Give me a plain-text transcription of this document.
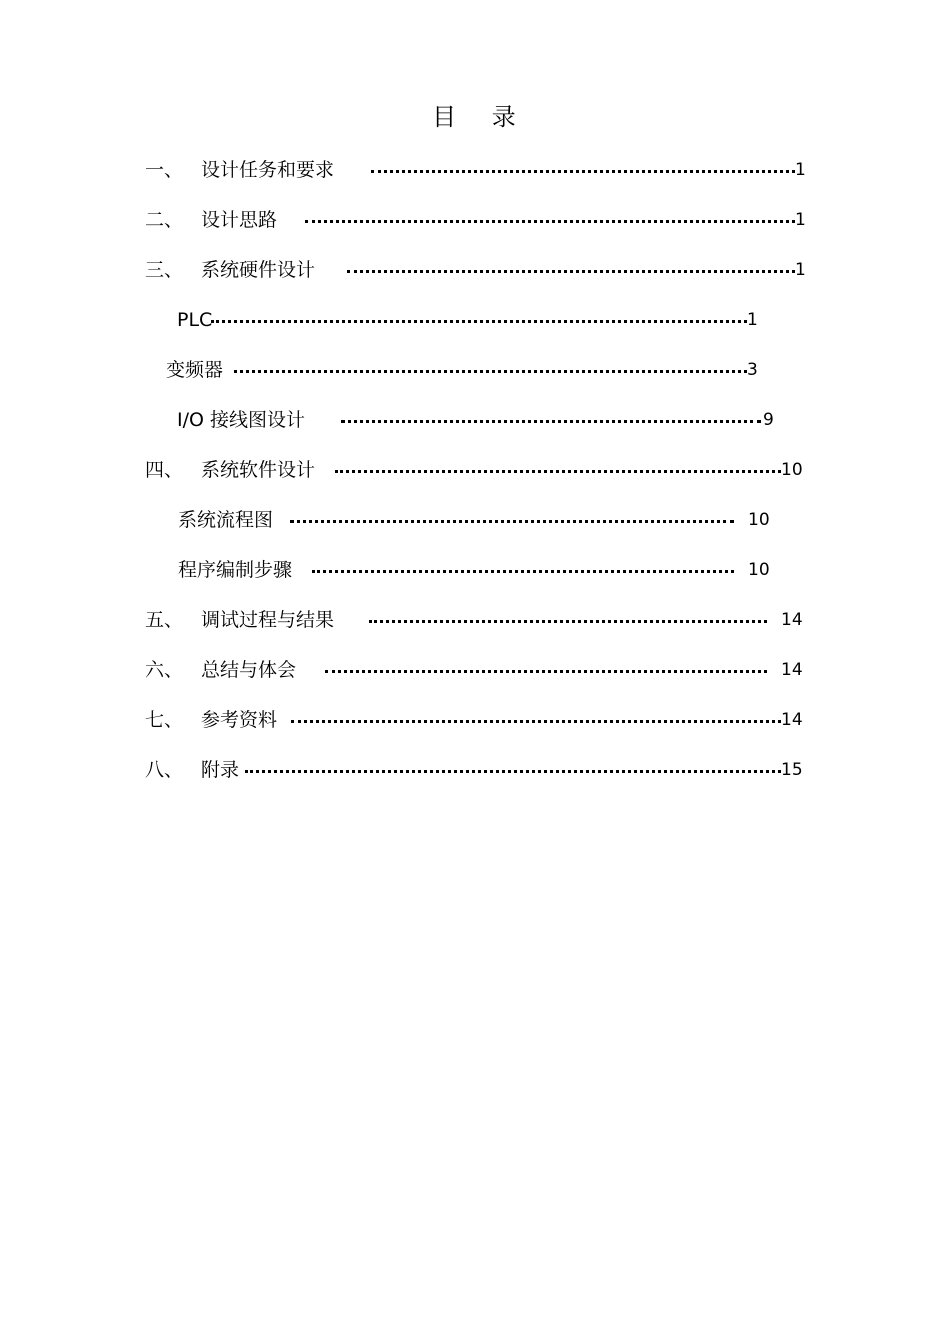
目 录
一、 设计任务和要求	1
二、 设计思路	1
三、 系统硬件设计	1
PLC	1
变频器	3
I/O 接线图设计	9
四、 系统软件设计	10
系统流程图	10
程序编制步骤	10
五、 调试过程与结果	14
六、 总结与体会	14
七、 参考资料	14
八、 附录	15
